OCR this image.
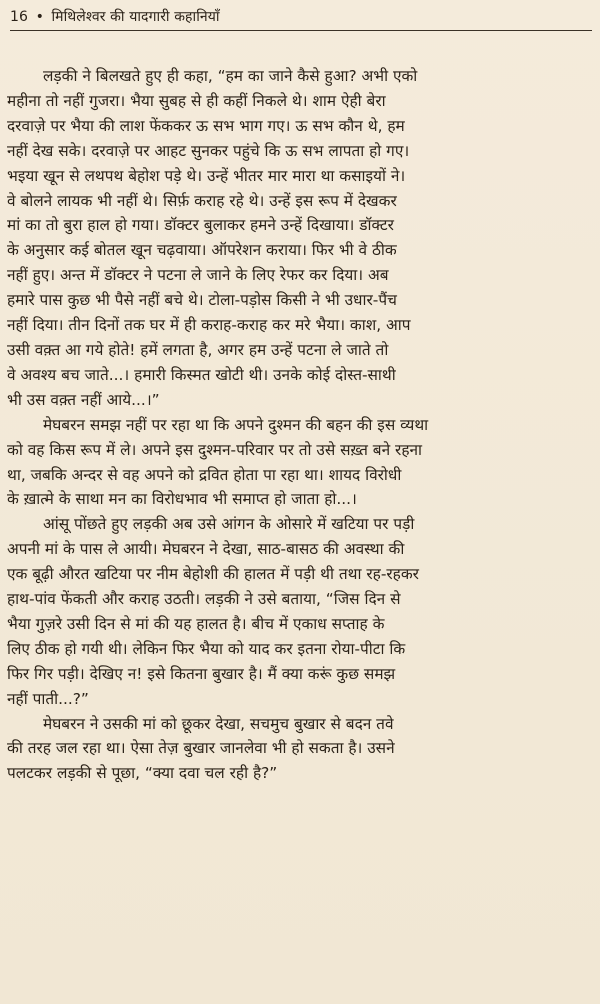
16 • मिथिलेश्वर की यादगारी कहानियाँ
लड़की ने बिलखते हुए ही कहा, “हम का जाने कैसे हुआ? अभी एको
महीना तो नहीं गुजरा। भैया सुबह से ही कहीं निकले थे। शाम ऐही बेरा
दरवाज़े पर भैया की लाश फेंककर ऊ सभ भाग गए। ऊ सभ कौन थे, हम
नहीं देख सके। दरवाज़े पर आहट सुनकर पहुंचे कि ऊ सभ लापता हो गए।
भइया खून से लथपथ बेहोश पड़े थे। उन्हें भीतर मार मारा था कसाइयों ने।
वे बोलने लायक भी नहीं थे। सिर्फ़ कराह रहे थे। उन्हें इस रूप में देखकर
मां का तो बुरा हाल हो गया। डॉक्टर बुलाकर हमने उन्हें दिखाया। डॉक्टर
के अनुसार कई बोतल खून चढ़वाया। ऑपरेशन कराया। फिर भी वे ठीक
नहीं हुए। अन्त में डॉक्टर ने पटना ले जाने के लिए रेफर कर दिया। अब
हमारे पास कुछ भी पैसे नहीं बचे थे। टोला-पड़ोस किसी ने भी उधार-पैंच
नहीं दिया। तीन दिनों तक घर में ही कराह-कराह कर मरे भैया। काश, आप
उसी वक़्त आ गये होते! हमें लगता है, अगर हम उन्हें पटना ले जाते तो
वे अवश्य बच जाते...। हमारी किस्मत खोटी थी। उनके कोई दोस्त-साथी
भी उस वक़्त नहीं आये...।”
मेघबरन समझ नहीं पर रहा था कि अपने दुश्मन की बहन की इस व्यथा
को वह किस रूप में ले। अपने इस दुश्मन-परिवार पर तो उसे सख़्त बने रहना
था, जबकि अन्दर से वह अपने को द्रवित होता पा रहा था। शायद विरोधी
के ख़ात्मे के साथा मन का विरोधभाव भी समाप्त हो जाता हो...।
आंसू पोंछते हुए लड़की अब उसे आंगन के ओसारे में खटिया पर पड़ी
अपनी मां के पास ले आयी। मेघबरन ने देखा, साठ-बासठ की अवस्था की
एक बूढ़ी औरत खटिया पर नीम बेहोशी की हालत में पड़ी थी तथा रह-रहकर
हाथ-पांव फेंकती और कराह उठती। लड़की ने उसे बताया, “जिस दिन से
भैया गुज़रे उसी दिन से मां की यह हालत है। बीच में एकाध सप्ताह के
लिए ठीक हो गयी थी। लेकिन फिर भैया को याद कर इतना रोया-पीटा कि
फिर गिर पड़ी। देखिए न! इसे कितना बुखार है। मैं क्या करूं कुछ समझ
नहीं पाती...?”
मेघबरन ने उसकी मां को छूकर देखा, सचमुच बुखार से बदन तवे
की तरह जल रहा था। ऐसा तेज़ बुखार जानलेवा भी हो सकता है। उसने
पलटकर लड़की से पूछा, “क्या दवा चल रही है?”
